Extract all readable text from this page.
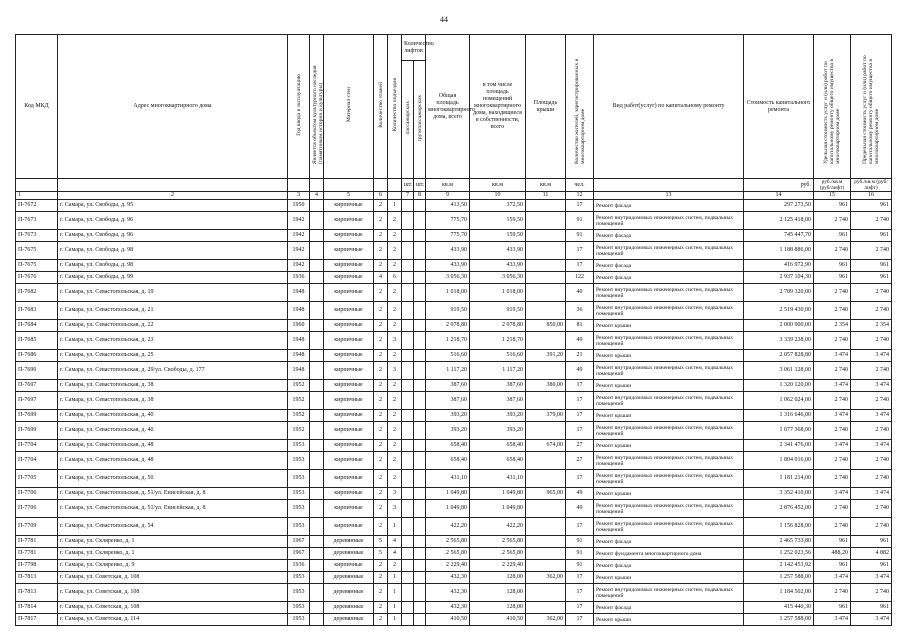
44
Код МКД	Адрес многоквартирного дома	Год ввода в эксплуатацию	Является объектом культурного наследия (памятником истории и культуры)	Материал стен	Количество этажей	Количество подъездов	Количество лифтов		Общая площадь многоквартирного дома, всего	в том числе площадь помещений многоквартирного дома, находящиеся в собственности, всего	Площадь крыши	Количество жителей, зарегистрированных в многоквартирном доме	Вид работ(услуг) по капитальному ремонту	Стоимость капитального ремонта	Удельная стоимость услуг и (или) работ по капитальному ремонту общего имущества в многоквартирном доме	Предельная стоимость услуг и (или) работ по капитальному ремонту общего имущества в многоквартирном доме
							пассажирских	грузопассажирских								
							шт.	шт.	кв.м	кв.м	кв.м	чел.		руб.	руб./кв.м (руб/лифт)	руб./кв.м (руб/лифт)
1	2	3	4	5	6		7	8	9	10	11	12	13	14	15	16
П-7672	г. Самара, ул. Свободы, д. 95	1950		кирпичные	2	1			413,50	372,50		17	Ремонт фасада	297 273,50	961	961
П-7673	г. Самара, ул. Свободы, д. 96	1942		кирпичные	2	2			775,70	159,50		91	Ремонт внутридомовых инженерных систем, подвальных помещений	2 125 418,00	2 740	2 740
П-7673	г. Самара, ул. Свободы, д. 96	1942		кирпичные	2	2			775,70	159,50		91	Ремонт фасада	745 447,70	961	961
П-7675	г. Самара, ул. Свободы, д. 98	1942		кирпичные	2	2			433,90	433,90		17	Ремонт внутридомовых инженерных систем, подвальных помещений	1 188 886,00	2 740	2 740
П-7675	г. Самара, ул. Свободы, д. 98	1942		кирпичные	2	2			433,90	433,90		17	Ремонт фасада	416 972,90	961	961
П-7676	г. Самара, ул. Свободы, д. 99	1936		кирпичные	4	6			3 056,30	3 056,30		122	Ремонт фасада	2 937 104,30	961	961
П-7682	г. Самара, ул. Севастопольская, д. 19	1948		кирпичные	2	2			1 018,00	1 018,00		40	Ремонт внутридомовых инженерных систем, подвальных помещений	2 789 320,00	2 740	2 740
П-7683	г. Самара, ул. Севастопольская, д. 21	1948		кирпичные	2	2			919,50	919,50		36	Ремонт внутридомовых инженерных систем, подвальных помещений	2 519 430,00	2 740	2 740
П-7684	г. Самара, ул. Севастопольская, д. 22	1960		кирпичные	2	2			2 078,80	2 078,80	850,00	81	Ремонт крыши	2 000 900,00	2 354	2 354
П-7685	г. Самара, ул. Севастопольская, д. 23	1948		кирпичные	2	3			1 218,70	1 218,70		49	Ремонт внутридомовых инженерных систем, подвальных помещений	3 339 238,00	2 740	2 740
П-7686	г. Самара, ул. Севастопольская, д. 25	1948		кирпичные	2	2			516,60	516,60	391,20	21	Ремонт крыши	2 057 828,80	3 474	3 474
П-7690	г. Самара, ул. Севастопольская, д. 29/ул. Свободы, д. 177	1948		кирпичные	2	3			1 117,20	1 117,20		49	Ремонт внутридомовых инженерных систем, подвальных помещений	3 061 128,00	2 740	2 740
П-7697	г. Самара, ул. Севастопольская, д. 38	1952		кирпичные	2	2			387,60	387,60	380,00	17	Ремонт крыши	1 320 120,00	3 474	3 474
П-7697	г. Самара, ул. Севастопольская, д. 38	1952		кирпичные	2	2			387,60	387,60		17	Ремонт внутридомовых инженерных систем, подвальных помещений	1 062 024,00	2 740	2 740
П-7699	г. Самара, ул. Севастопольская, д. 40	1952		кирпичные	2	2			393,20	393,20	379,00	17	Ремонт крыши	1 316 646,00	3 474	3 474
П-7699	г. Самара, ул. Севастопольская, д. 40	1952		кирпичные	2	2			393,20	393,20		17	Ремонт внутридомовых инженерных систем, подвальных помещений	1 077 368,00	2 740	2 740
П-7704	г. Самара, ул. Севастопольская, д. 48	1953		кирпичные	2	2			658,40	658,40	674,00	27	Ремонт крыши	2 341 476,00	3 474	3 474
П-7704	г. Самара, ул. Севастопольская, д. 48	1953		кирпичные	2	2			658,40	658,40		27	Ремонт внутридомовых инженерных систем, подвальных помещений	1 804 016,00	2 740	2 740
П-7705	г. Самара, ул. Севастопольская, д. 50	1953		кирпичные	2	2			431,10	431,10		17	Ремонт внутридомовых инженерных систем, подвальных помещений	1 181 214,00	2 740	2 740
П-7706	г. Самара, ул. Севастопольская, д. 51/ул. Енисейская, д. 8	1953		кирпичные	2	3			1 049,80	1 049,80	965,00	49	Ремонт крыши	3 352 410,00	3 474	3 474
П-7706	г. Самара, ул. Севастопольская, д. 51/ул. Енисейская, д. 8	1953		кирпичные	2	3			1 049,80	1 049,80		49	Ремонт внутридомовых инженерных систем, подвальных помещений	2 876 452,00	2 740	2 740
П-7709	г. Самара, ул. Севастопольская, д. 54	1953		кирпичные	2	1			422,20	422,20		17	Ремонт внутридомовых инженерных систем, подвальных помещений	1 156 828,00	2 740	2 740
П-7781	г. Самара, ул. Скляренко, д. 1	1967		деревянные	5	4			2 565,80	2 565,80		91	Ремонт фасада	2 465 733,80	961	961
П-7781	г. Самара, ул. Скляренко, д. 1	1967		деревянные	5	4			2 565,80	2 565,80		91	Ремонт фундамента многоквартирного дома	1 252 023,56	488,20	4 882
П-7798	г. Самара, ул. Скляренко, д. 9	1936		кирпичные	2	2			2 229,40	2 229,40		91	Ремонт фасада	2 142 453,92	961	961
П-7813	г. Самара, ул. Советская, д. 108	1953		деревянные	2	1			432,30	128,00	362,00	17	Ремонт крыши	1 257 588,00	3 474	3 474
П-7813	г. Самара, ул. Советская, д. 108	1953		деревянные	2	1			432,30	128,00		17	Ремонт внутридомовых инженерных систем, подвальных помещений	1 184 502,00	2 740	2 740
П-7814	г. Самара, ул. Советская, д. 108	1953		деревянные	2	1			432,30	128,00		17	Ремонт фасада	415 440,30	961	961
П-7817	г. Самара, ул. Советская, д. 114	1953		деревянные	2	1			410,50	410,50	362,00	17	Ремонт крыши	1 257 588,00	3 474	3 474
